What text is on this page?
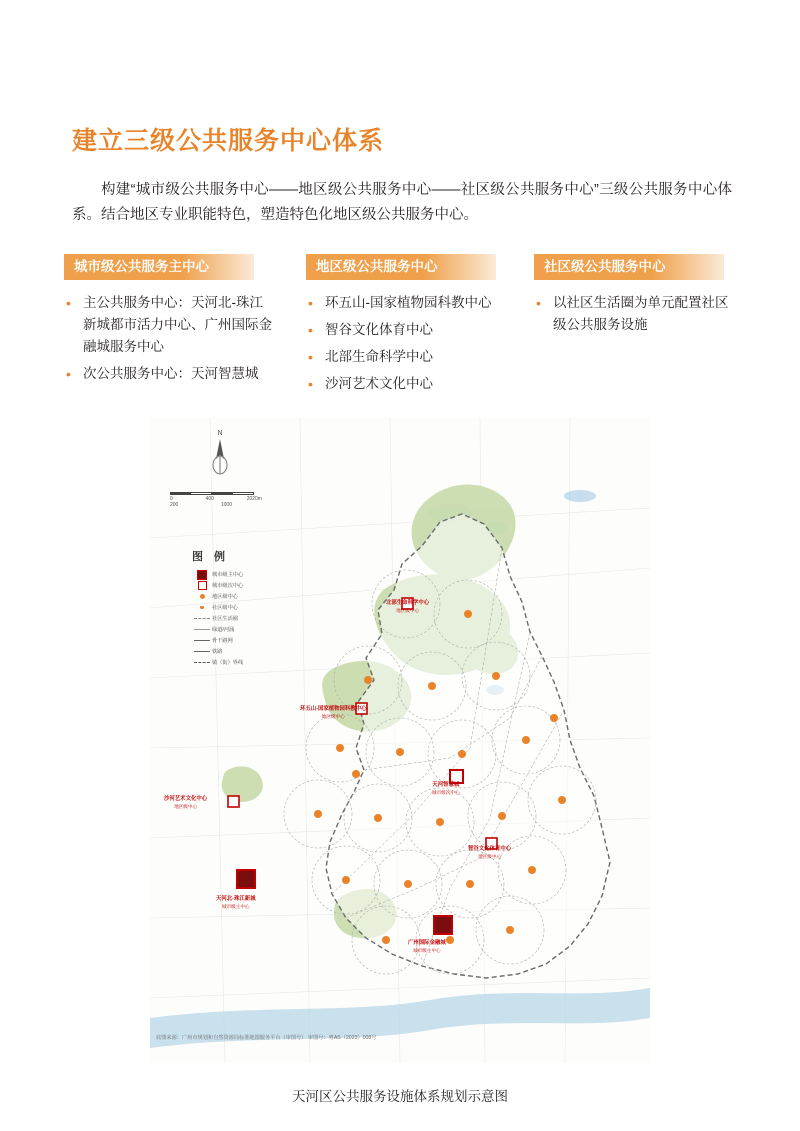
建立三级公共服务中心体系

构建“城市级公共服务中心——地区级公共服务中心——社区级公共服务中心”三级公共服务中心体系。结合地区专业职能特色，塑造特色化地区级公共服务中心。

城市级公共服务主中心
• 主公共服务中心：天河北-珠江新城都市活力中心、广州国际金融城服务中心
• 次公共服务中心：天河智慧城
地区级公共服务中心
• 环五山-国家植物园科教中心
• 智谷文化体育中心
• 北部生命科学中心
• 沙河艺术文化中心
社区级公共服务中心
• 以社区生活圈为单元配置社区级公共服务设施
N
0	400	2020m
200	1000
图 例
城市级主中心
城市级次中心
地区级中心
社区级中心
社区生活圈
绿道/河涌
骨干路网
铁路
镇（街）界线
北部生命科学中心
地区级中心
环五山-国家植物园科教中心
地区级中心
天河智慧城
城市级次中心
沙河艺术文化中心
地区级中心
智谷文化体育中心
地区级中心
天河北-珠江新城
城市级主中心
广州国际金融城
城市级主中心
底图来源：广州市规划和自然资源局标准地图服务平台（审图号） 审图号：粤AS（2023）008号
天河区公共服务设施体系规划示意图
